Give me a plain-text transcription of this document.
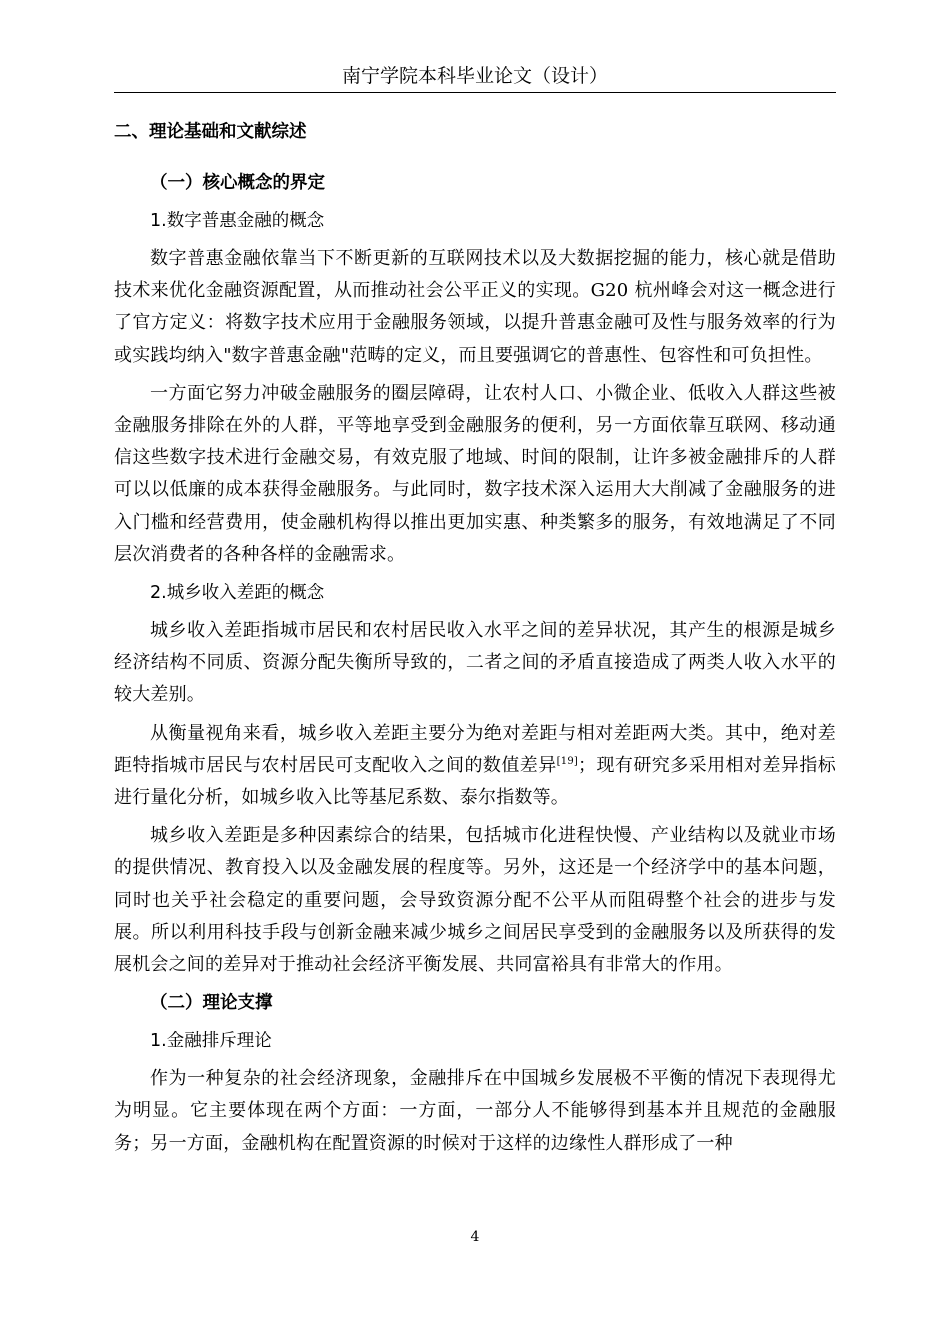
南宁学院本科毕业论文（设计）
二、理论基础和文献综述
（一）核心概念的界定
1.数字普惠金融的概念

数字普惠金融依靠当下不断更新的互联网技术以及大数据挖掘的能力，核心就是借助技术来优化金融资源配置，从而推动社会公平正义的实现。G20 杭州峰会对这一概念进行了官方定义：将数字技术应用于金融服务领域，以提升普惠金融可及性与服务效率的行为或实践均纳入"数字普惠金融"范畴的定义，而且要强调它的普惠性、包容性和可负担性。

一方面它努力冲破金融服务的圈层障碍，让农村人口、小微企业、低收入人群这些被金融服务排除在外的人群，平等地享受到金融服务的便利，另一方面依靠互联网、移动通信这些数字技术进行金融交易，有效克服了地域、时间的限制，让许多被金融排斥的人群可以以低廉的成本获得金融服务。与此同时，数字技术深入运用大大削减了金融服务的进入门槛和经营费用，使金融机构得以推出更加实惠、种类繁多的服务，有效地满足了不同层次消费者的各种各样的金融需求。

2.城乡收入差距的概念

城乡收入差距指城市居民和农村居民收入水平之间的差异状况，其产生的根源是城乡经济结构不同质、资源分配失衡所导致的，二者之间的矛盾直接造成了两类人收入水平的较大差别。

从衡量视角来看，城乡收入差距主要分为绝对差距与相对差距两大类。其中，绝对差距特指城市居民与农村居民可支配收入之间的数值差异[19]；现有研究多采用相对差异指标进行量化分析，如城乡收入比等基尼系数、泰尔指数等。

城乡收入差距是多种因素综合的结果，包括城市化进程快慢、产业结构以及就业市场的提供情况、教育投入以及金融发展的程度等。另外，这还是一个经济学中的基本问题，同时也关乎社会稳定的重要问题，会导致资源分配不公平从而阻碍整个社会的进步与发展。所以利用科技手段与创新金融来减少城乡之间居民享受到的金融服务以及所获得的发展机会之间的差异对于推动社会经济平衡发展、共同富裕具有非常大的作用。

（二）理论支撑
1.金融排斥理论

作为一种复杂的社会经济现象，金融排斥在中国城乡发展极不平衡的情况下表现得尤为明显。它主要体现在两个方面：一方面，一部分人不能够得到基本并且规范的金融服务；另一方面，金融机构在配置资源的时候对于这样的边缘性人群形成了一种

4
